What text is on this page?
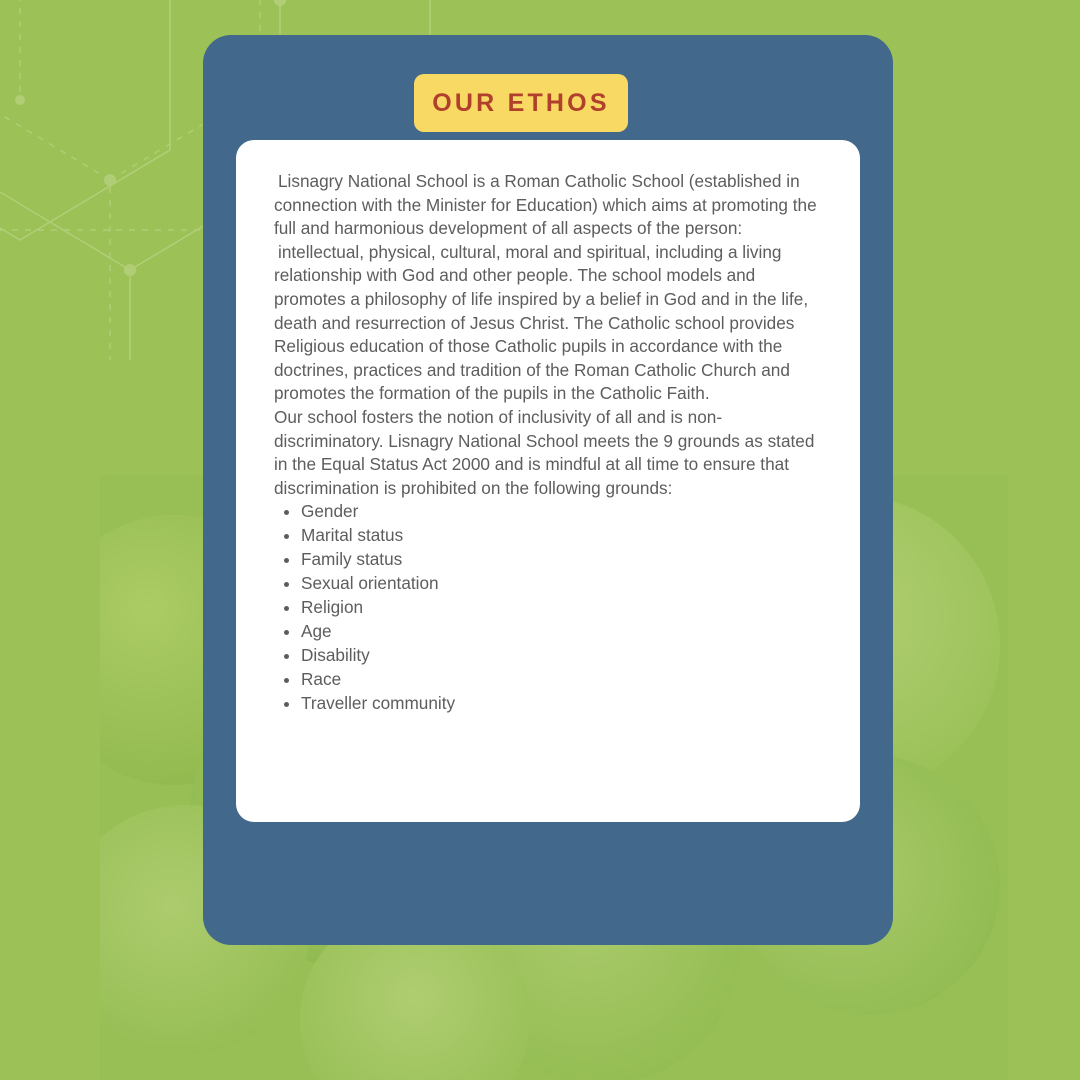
OUR ETHOS

Lisnagry National School is a Roman Catholic School (established in connection with the Minister for Education) which aims at promoting the full and harmonious development of all aspects of the person:

intellectual, physical, cultural, moral and spiritual, including a living relationship with God and other people. The school models and promotes a philosophy of life inspired by a belief in God and in the life, death and resurrection of Jesus Christ. The Catholic school provides Religious education of those Catholic pupils in accordance with the doctrines, practices and tradition of the Roman Catholic Church and promotes the formation of the pupils in the Catholic Faith.

Our school fosters the notion of inclusivity of all and is non-discriminatory. Lisnagry National School meets the 9 grounds as stated in the Equal Status Act 2000 and is mindful at all time to ensure that discrimination is prohibited on the following grounds:

• Gender
• Marital status
• Family status
• Sexual orientation
• Religion
• Age
• Disability
• Race
• Traveller community
